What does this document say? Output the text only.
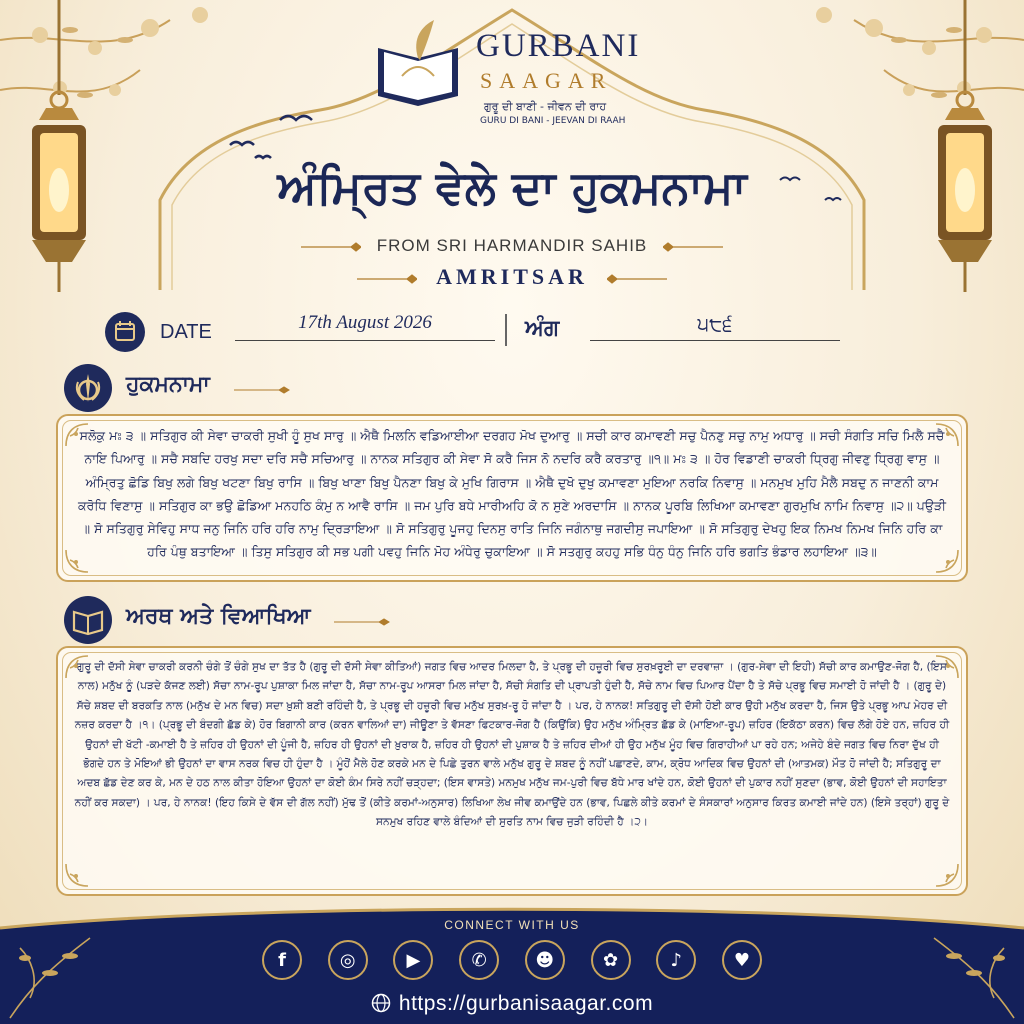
GURBANI
SAAGAR
ਗੁਰੂ ਦੀ ਬਾਣੀ - ਜੀਵਨ ਦੀ ਰਾਹ
GURU DI BANI - JEEVAN DI RAAH
ਅੰਮ੍ਰਿਤ ਵੇਲੇ ਦਾ ਹੁਕਮਨਾਮਾ
FROM SRI HARMANDIR SAHIB
AMRITSAR
DATE	17th August 2026	ਅੰਗ	੫੮੬
ਹੁਕਮਨਾਮਾ
ਸਲੋਕੁ ਮਃ ੩ ॥ ਸਤਿਗੁਰ ਕੀ ਸੇਵਾ ਚਾਕਰੀ ਸੁਖੀ ਹੂੰ ਸੁਖ ਸਾਰੁ ॥ ਐਥੈ ਮਿਲਨਿ ਵਡਿਆਈਆ ਦਰਗਹ ਮੋਖ ਦੁਆਰੁ ॥ ਸਚੀ ਕਾਰ ਕਮਾਵਣੀ ਸਚੁ ਪੈਨਣੁ ਸਚੁ ਨਾਮੁ ਅਧਾਰੁ ॥ ਸਚੀ ਸੰਗਤਿ ਸਚਿ ਮਿਲੈ ਸਚੈ ਨਾਇ ਪਿਆਰੁ ॥ ਸਚੈ ਸਬਦਿ ਹਰਖੁ ਸਦਾ ਦਰਿ ਸਚੈ ਸਚਿਆਰੁ ॥ ਨਾਨਕ ਸਤਿਗੁਰ ਕੀ ਸੇਵਾ ਸੋ ਕਰੈ ਜਿਸ ਨੋ ਨਦਰਿ ਕਰੈ ਕਰਤਾਰੁ ॥੧॥ ਮਃ ੩ ॥ ਹੋਰ ਵਿਡਾਣੀ ਚਾਕਰੀ ਧ੍ਰਿਗੁ ਜੀਵਣੁ ਧ੍ਰਿਗੁ ਵਾਸੁ ॥ ਅੰਮ੍ਰਿਤੁ ਛੋਡਿ ਬਿਖੁ ਲਗੇ ਬਿਖੁ ਖਟਣਾ ਬਿਖੁ ਰਾਸਿ ॥ ਬਿਖੁ ਖਾਣਾ ਬਿਖੁ ਪੈਨਣਾ ਬਿਖੁ ਕੇ ਮੁਖਿ ਗਿਰਾਸ ॥ ਐਥੈ ਦੁਖੋ ਦੁਖੁ ਕਮਾਵਣਾ ਮੁਇਆ ਨਰਕਿ ਨਿਵਾਸੁ ॥ ਮਨਮੁਖ ਮੁਹਿ ਮੈਲੈ ਸਬਦੁ ਨ ਜਾਣਨੀ ਕਾਮ ਕਰੋਧਿ ਵਿਣਾਸੁ ॥ ਸਤਿਗੁਰ ਕਾ ਭਉ ਛੋਡਿਆ ਮਨਹਠਿ ਕੰਮੁ ਨ ਆਵੈ ਰਾਸਿ ॥ ਜਮ ਪੁਰਿ ਬਧੇ ਮਾਰੀਅਹਿ ਕੋ ਨ ਸੁਣੇ ਅਰਦਾਸਿ ॥ ਨਾਨਕ ਪੂਰਬਿ ਲਿਖਿਆ ਕਮਾਵਣਾ ਗੁਰਮੁਖਿ ਨਾਮਿ ਨਿਵਾਸੁ ॥੨॥ ਪਉੜੀ ॥ ਸੋ ਸਤਿਗੁਰੁ ਸੇਵਿਹੁ ਸਾਧ ਜਨੁ ਜਿਨਿ ਹਰਿ ਹਰਿ ਨਾਮੁ ਦ੍ਰਿੜਾਇਆ ॥ ਸੋ ਸਤਿਗੁਰੁ ਪੂਜਹੁ ਦਿਨਸੁ ਰਾਤਿ ਜਿਨਿ ਜਗੰਨਾਥੁ ਜਗਦੀਸੁ ਜਪਾਇਆ ॥ ਸੋ ਸਤਿਗੁਰੁ ਦੇਖਹੁ ਇਕ ਨਿਮਖ ਨਿਮਖ ਜਿਨਿ ਹਰਿ ਕਾ ਹਰਿ ਪੰਥੁ ਬਤਾਇਆ ॥ ਤਿਸੁ ਸਤਿਗੁਰ ਕੀ ਸਭ ਪਗੀ ਪਵਹੁ ਜਿਨਿ ਮੋਹ ਅੰਧੇਰੁ ਚੁਕਾਇਆ ॥ ਸੋ ਸਤਗੁਰੁ ਕਹਹੁ ਸਭਿ ਧੰਨੁ ਧੰਨੁ ਜਿਨਿ ਹਰਿ ਭਗਤਿ ਭੰਡਾਰ ਲਹਾਇਆ ॥੩॥
ਅਰਥ ਅਤੇ ਵਿਆਖਿਆ
ਗੁਰੂ ਦੀ ਦੱਸੀ ਸੇਵਾ ਚਾਕਰੀ ਕਰਨੀ ਚੰਗੇ ਤੋਂ ਚੰਗੇ ਸੁਖ ਦਾ ਤੱਤ ਹੈ (ਗੁਰੂ ਦੀ ਦੱਸੀ ਸੇਵਾ ਕੀਤਿਆਂ) ਜਗਤ ਵਿਚ ਆਦਰ ਮਿਲਦਾ ਹੈ, ਤੇ ਪ੍ਰਭੂ ਦੀ ਹਜ਼ੂਰੀ ਵਿਚ ਸੁਰਖ਼ਰੂਈ ਦਾ ਦਰਵਾਜ਼ਾ । (ਗੁਰ-ਸੇਵਾ ਦੀ ਇਹੀ) ਸੱਚੀ ਕਾਰ ਕਮਾਉਣ-ਜੋਗ ਹੈ, (ਇਸ ਨਾਲ) ਮਨੁੱਖ ਨੂੰ (ਪੜਦੇ ਕੱਜਣ ਲਈ) ਸੱਚਾ ਨਾਮ-ਰੂਪ ਪੁਸ਼ਾਕਾ ਮਿਲ ਜਾਂਦਾ ਹੈ, ਸੱਚਾ ਨਾਮ-ਰੂਪ ਆਸਰਾ ਮਿਲ ਜਾਂਦਾ ਹੈ, ਸੱਚੀ ਸੰਗਤਿ ਦੀ ਪ੍ਰਾਪਤੀ ਹੁੰਦੀ ਹੈ, ਸੱਚੇ ਨਾਮ ਵਿਚ ਪਿਆਰ ਪੈਂਦਾ ਹੈ ਤੇ ਸੱਚੇ ਪ੍ਰਭੂ ਵਿਚ ਸਮਾਈ ਹੋ ਜਾਂਦੀ ਹੈ । (ਗੁਰੂ ਦੇ) ਸੱਚੇ ਸ਼ਬਦ ਦੀ ਬਰਕਤਿ ਨਾਲ (ਮਨੁੱਖ ਦੇ ਮਨ ਵਿਚ) ਸਦਾ ਖ਼ੁਸ਼ੀ ਬਣੀ ਰਹਿੰਦੀ ਹੈ, ਤੇ ਪ੍ਰਭੂ ਦੀ ਹਜ਼ੂਰੀ ਵਿਚ ਮਨੁੱਖ ਸੁਰਖ਼-ਰੂ ਹੋ ਜਾਂਦਾ ਹੈ । ਪਰ, ਹੇ ਨਾਨਕ! ਸਤਿਗੁਰੂ ਦੀ ਦੱਸੀ ਹੋਈ ਕਾਰ ਉਹੀ ਮਨੁੱਖ ਕਰਦਾ ਹੈ, ਜਿਸ ਉਤੇ ਪ੍ਰਭੂ ਆਪ ਮੇਹਰ ਦੀ ਨਜ਼ਰ ਕਰਦਾ ਹੈ ।੧। (ਪ੍ਰਭੂ ਦੀ ਬੰਦਗੀ ਛੱਡ ਕੇ) ਹੋਰ ਬਿਗਾਨੀ ਕਾਰ (ਕਰਨ ਵਾਲਿਆਂ ਦਾ) ਜੀਊਣਾ ਤੇ ਵੱਸਣਾ ਫਿਟਕਾਰ-ਜੋਗ ਹੈ (ਕਿਉਂਕਿ) ਉਹ ਮਨੁੱਖ ਅੰਮ੍ਰਿਤ ਛੱਡ ਕੇ (ਮਾਇਆ-ਰੂਪ) ਜ਼ਹਿਰ (ਇਕੱਠਾ ਕਰਨ) ਵਿਚ ਲੱਗੇ ਹੋਏ ਹਨ, ਜ਼ਹਿਰ ਹੀ ਉਹਨਾਂ ਦੀ ਖੱਟੀ -ਕਮਾਈ ਹੈ ਤੇ ਜ਼ਹਿਰ ਹੀ ਉਹਨਾਂ ਦੀ ਪੂੰਜੀ ਹੈ, ਜ਼ਹਿਰ ਹੀ ਉਹਨਾਂ ਦੀ ਖ਼ੁਰਾਕ ਹੈ, ਜ਼ਹਿਰ ਹੀ ਉਹਨਾਂ ਦੀ ਪੁਸ਼ਾਕ ਹੈ ਤੇ ਜ਼ਹਿਰ ਦੀਆਂ ਹੀ ਉਹ ਮਨੁੱਖ ਮੂੰਹ ਵਿਚ ਗਿਰਾਹੀਆਂ ਪਾ ਰਹੇ ਹਨ; ਅਜੇਹੇ ਬੰਦੇ ਜਗਤ ਵਿਚ ਨਿਰਾ ਦੁੱਖ ਹੀ ਭੋਗਦੇ ਹਨ ਤੇ ਮੋਇਆਂ ਭੀ ਉਹਨਾਂ ਦਾ ਵਾਸ ਨਰਕ ਵਿਚ ਹੀ ਹੁੰਦਾ ਹੈ । ਮੂੰਹੋਂ ਮੈਲੇ ਹੋਣ ਕਰਕੇ ਮਨ ਦੇ ਪਿਛੇ ਤੁਰਨ ਵਾਲੇ ਮਨੁੱਖ ਗੁਰੂ ਦੇ ਸ਼ਬਦ ਨੂੰ ਨਹੀਂ ਪਛਾਣਦੇ, ਕਾਮ, ਕ੍ਰੋਧ ਆਦਿਕ ਵਿਚ ਉਹਨਾਂ ਦੀ (ਆਤਮਕ) ਮੌਤ ਹੋ ਜਾਂਦੀ ਹੈ; ਸਤਿਗੁਰੂ ਦਾ ਅਦਬ ਛੱਡ ਦੇਣ ਕਰ ਕੇ, ਮਨ ਦੇ ਹਠ ਨਾਲ ਕੀਤਾ ਹੋਇਆ ਉਹਨਾਂ ਦਾ ਕੋਈ ਕੰਮ ਸਿਰੇ ਨਹੀਂ ਚੜ੍ਹਦਾ; (ਇਸ ਵਾਸਤੇ) ਮਨਮੁਖ ਮਨੁੱਖ ਜਮ-ਪੁਰੀ ਵਿਚ ਬੱਧੇ ਮਾਰ ਖਾਂਦੇ ਹਨ, ਕੋਈ ਉਹਨਾਂ ਦੀ ਪੁਕਾਰ ਨਹੀਂ ਸੁਣਦਾ (ਭਾਵ, ਕੋਈ ਉਹਨਾਂ ਦੀ ਸਹਾਇਤਾ ਨਹੀਂ ਕਰ ਸਕਦਾ) । ਪਰ, ਹੇ ਨਾਨਕ! (ਇਹ ਕਿਸੇ ਦੇ ਵੱਸ ਦੀ ਗੱਲ ਨਹੀਂ) ਮੁੱਢ ਤੋਂ (ਕੀਤੇ ਕਰਮਾਂ-ਅਨੁਸਾਰ) ਲਿਖਿਆ ਲੇਖ ਜੀਵ ਕਮਾਉਂਦੇ ਹਨ (ਭਾਵ, ਪਿਛਲੇ ਕੀਤੇ ਕਰਮਾਂ ਦੇ ਸੰਸਕਾਰਾਂ ਅਨੁਸਾਰ ਕਿਰਤ ਕਮਾਈ ਜਾਂਦੇ ਹਨ) (ਇਸੇ ਤਰ੍ਹਾਂ) ਗੁਰੂ ਦੇ ਸਨਮੁਖ ਰਹਿਣ ਵਾਲੇ ਬੰਦਿਆਂ ਦੀ ਸੁਰਤਿ ਨਾਮ ਵਿਚ ਜੁੜੀ ਰਹਿੰਦੀ ਹੈ ।੨।
CONNECT WITH US
f	◎	▶	✆	☻	✿	♪	♥
https://gurbanisaagar.com
